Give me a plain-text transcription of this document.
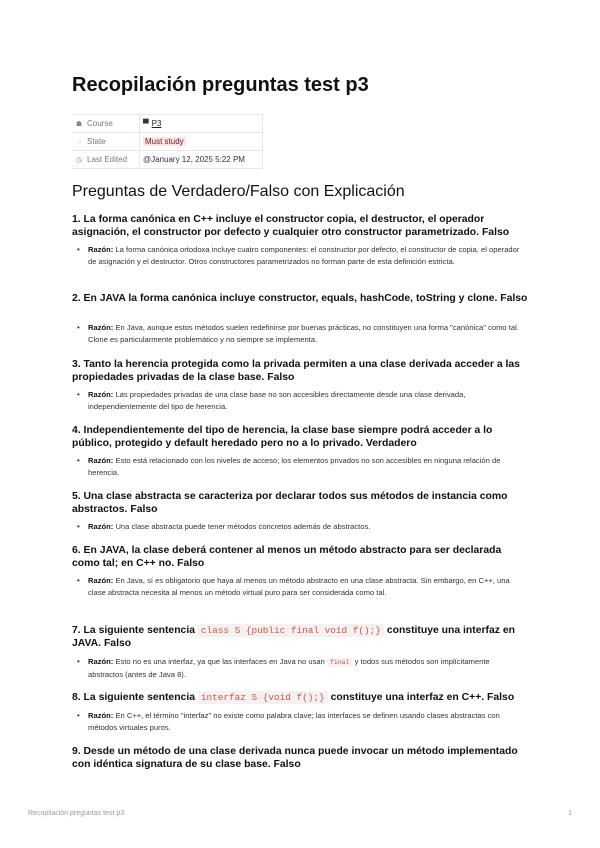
Recopilación preguntas test p3
☗ Course	▀ P3
◌ State	Must study
◷ Last Edited	@January 12, 2025 5:22 PM
Preguntas de Verdadero/Falso con Explicación

1. La forma canónica en C++ incluye el constructor copia, el destructor, el operador asignación, el constructor por defecto y cualquier otro constructor parametrizado. Falso

• Razón: La forma canónica ortodoxa incluye cuatro componentes: el constructor por defecto, el constructor de copia, el operador de asignación y el destructor. Otros constructores parametrizados no forman parte de esta definición estricta.

2. En JAVA la forma canónica incluye constructor, equals, hashCode, toString y clone. Falso

• Razón: En Java, aunque estos métodos suelen redefinirse por buenas prácticas, no constituyen una forma "canónica" como tal. Clone es particularmente problemático y no siempre se implementa.

3. Tanto la herencia protegida como la privada permiten a una clase derivada acceder a las propiedades privadas de la clase base. Falso

• Razón: Las propiedades privadas de una clase base no son accesibles directamente desde una clase derivada, independientemente del tipo de herencia.

4. Independientemente del tipo de herencia, la clase base siempre podrá acceder a lo público, protegido y default heredado pero no a lo privado. Verdadero

• Razón: Esto está relacionado con los niveles de acceso; los elementos privados no son accesibles en ninguna relación de herencia.

5. Una clase abstracta se caracteriza por declarar todos sus métodos de instancia como abstractos. Falso

• Razón: Una clase abstracta puede tener métodos concretos además de abstractos.

6. En JAVA, la clase deberá contener al menos un método abstracto para ser declarada como tal; en C++ no. Falso

• Razón: En Java, sí es obligatorio que haya al menos un método abstracto en una clase abstracta. Sin embargo, en C++, una clase abstracta necesita al menos un método virtual puro para ser considerada como tal.

7. La siguiente sentencia class S {public final void f();} constituye una interfaz en JAVA. Falso

• Razón: Esto no es una interfaz, ya que las interfaces en Java no usan final y todos sus métodos son implícitamente abstractos (antes de Java 8).

8. La siguiente sentencia interfaz S {void f();} constituye una interfaz en C++. Falso

• Razón: En C++, el término "interfaz" no existe como palabra clave; las interfaces se definen usando clases abstractas con métodos virtuales puros.

9. Desde un método de una clase derivada nunca puede invocar un método implementado con idéntica signatura de su clase base. Falso

Recopilación preguntas test p3	1
